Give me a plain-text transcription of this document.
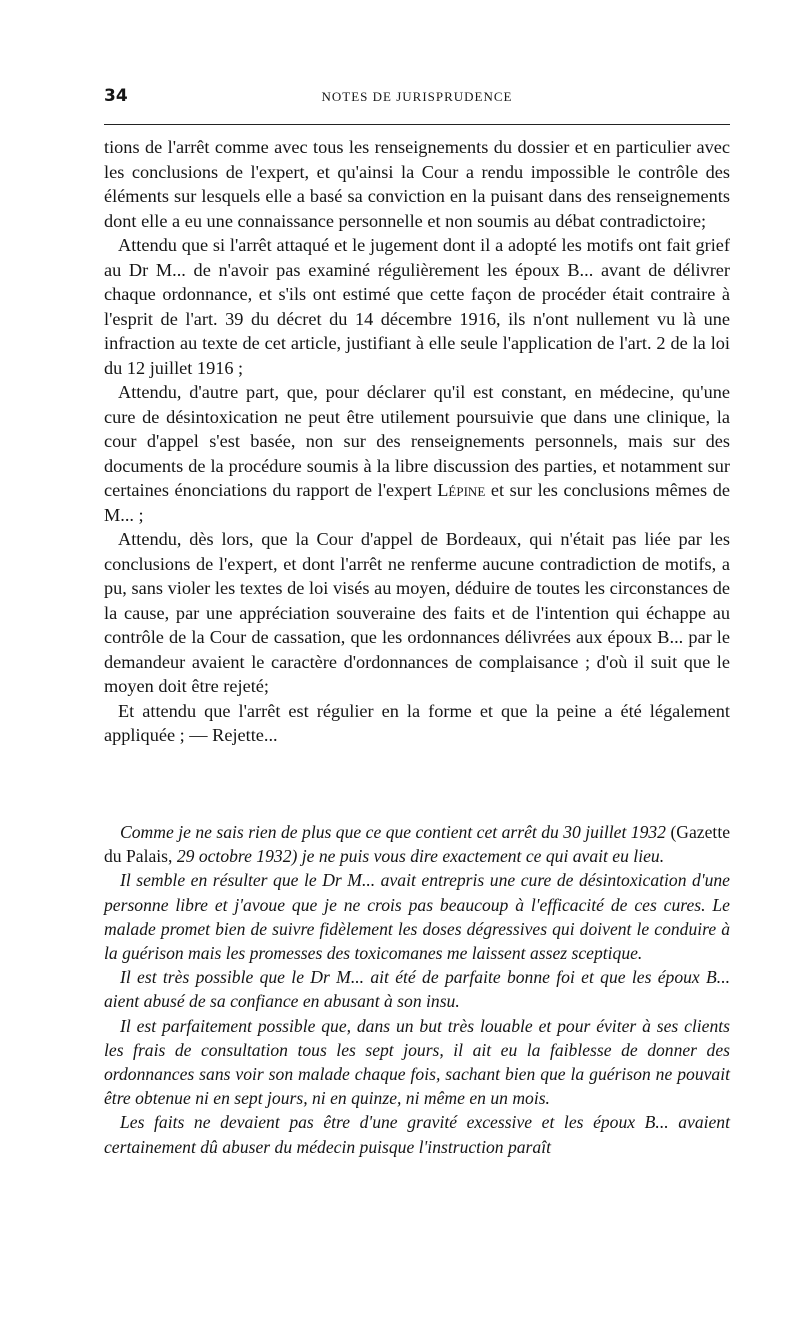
34	NOTES DE JURISPRUDENCE

tions de l'arrêt comme avec tous les renseignements du dossier et en particulier avec les conclusions de l'expert, et qu'ainsi la Cour a rendu impossible le contrôle des éléments sur lesquels elle a basé sa conviction en la puisant dans des renseignements dont elle a eu une connaissance personnelle et non soumis au débat contradictoire;

Attendu que si l'arrêt attaqué et le jugement dont il a adopté les motifs ont fait grief au Dr M... de n'avoir pas examiné régulièrement les époux B... avant de délivrer chaque ordonnance, et s'ils ont estimé que cette façon de procéder était contraire à l'esprit de l'art. 39 du décret du 14 décembre 1916, ils n'ont nullement vu là une infraction au texte de cet article, justifiant à elle seule l'application de l'art. 2 de la loi du 12 juillet 1916 ;

Attendu, d'autre part, que, pour déclarer qu'il est constant, en médecine, qu'une cure de désintoxication ne peut être utilement poursuivie que dans une clinique, la cour d'appel s'est basée, non sur des renseignements personnels, mais sur des documents de la procédure soumis à la libre discussion des parties, et notamment sur certaines énonciations du rapport de l'expert Lépine et sur les conclusions mêmes de M... ;

Attendu, dès lors, que la Cour d'appel de Bordeaux, qui n'était pas liée par les conclusions de l'expert, et dont l'arrêt ne renferme aucune contradiction de motifs, a pu, sans violer les textes de loi visés au moyen, déduire de toutes les circonstances de la cause, par une appréciation souveraine des faits et de l'intention qui échappe au contrôle de la Cour de cassation, que les ordonnances délivrées aux époux B... par le demandeur avaient le caractère d'ordonnances de complaisance ; d'où il suit que le moyen doit être rejeté;

Et attendu que l'arrêt est régulier en la forme et que la peine a été légalement appliquée ; — Rejette...

Comme je ne sais rien de plus que ce que contient cet arrêt du 30 juillet 1932 (Gazette du Palais, 29 octobre 1932) je ne puis vous dire exactement ce qui avait eu lieu.

Il semble en résulter que le Dr M... avait entrepris une cure de désintoxication d'une personne libre et j'avoue que je ne crois pas beaucoup à l'efficacité de ces cures. Le malade promet bien de suivre fidèlement les doses dégressives qui doivent le conduire à la guérison mais les promesses des toxicomanes me laissent assez sceptique.

Il est très possible que le Dr M... ait été de parfaite bonne foi et que les époux B... aient abusé de sa confiance en abusant à son insu.

Il est parfaitement possible que, dans un but très louable et pour éviter à ses clients les frais de consultation tous les sept jours, il ait eu la faiblesse de donner des ordonnances sans voir son malade chaque fois, sachant bien que la guérison ne pouvait être obtenue ni en sept jours, ni en quinze, ni même en un mois.

Les faits ne devaient pas être d'une gravité excessive et les époux B... avaient certainement dû abuser du médecin puisque l'instruction paraît
